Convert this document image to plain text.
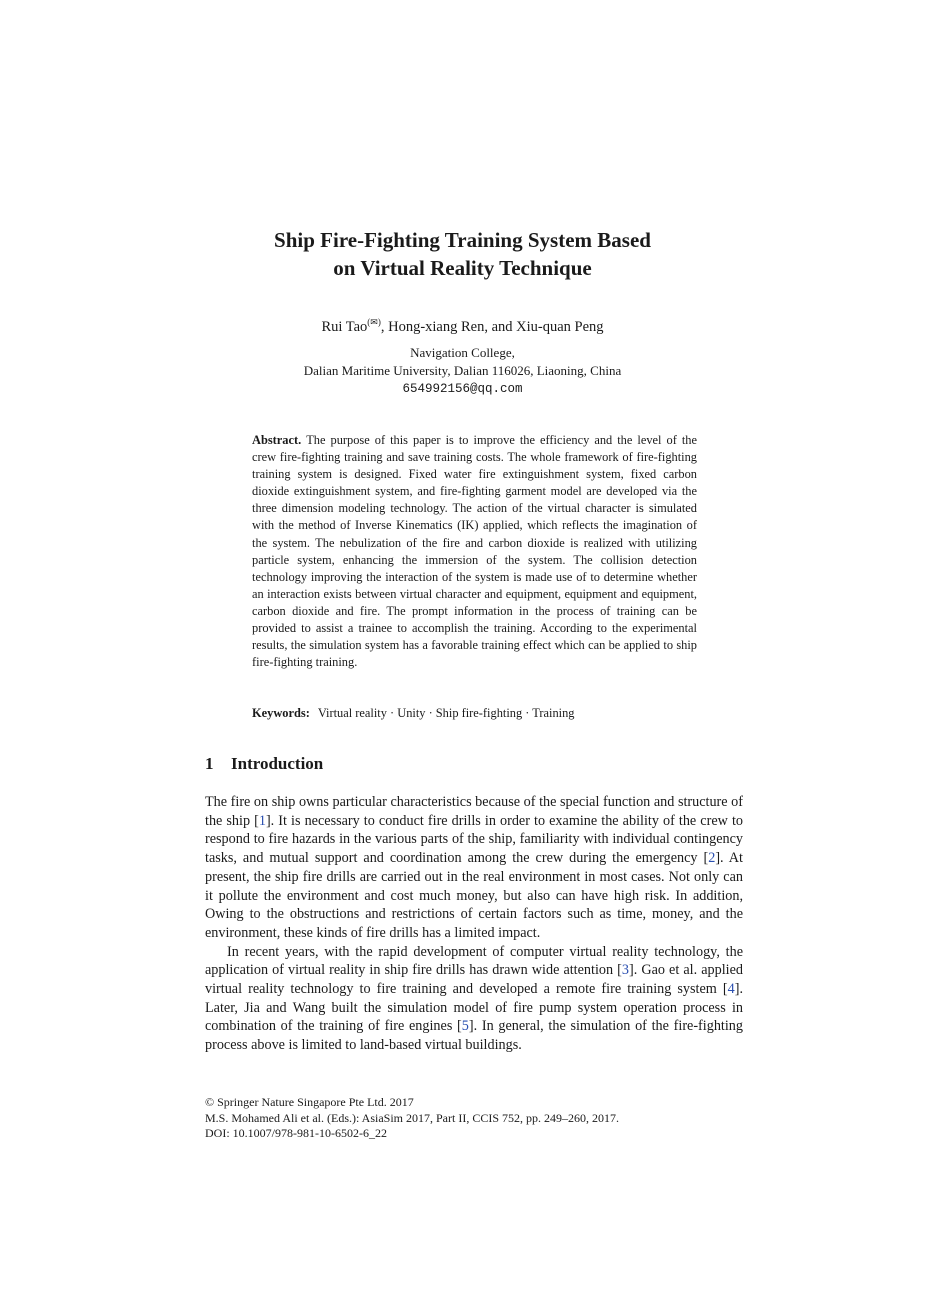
Ship Fire-Fighting Training System Based
on Virtual Reality Technique
Rui Tao(✉), Hong-xiang Ren, and Xiu-quan Peng
Navigation College,
Dalian Maritime University, Dalian 116026, Liaoning, China
654992156@qq.com
Abstract. The purpose of this paper is to improve the efficiency and the level of the crew fire-fighting training and save training costs. The whole framework of fire-fighting training system is designed. Fixed water fire extinguishment system, fixed carbon dioxide extinguishment system, and fire-fighting garment model are developed via the three dimension modeling technology. The action of the virtual character is simulated with the method of Inverse Kinematics (IK) applied, which reflects the imagination of the system. The nebulization of the fire and carbon dioxide is realized with utilizing particle system, enhancing the immersion of the system. The collision detection technology improving the interaction of the system is made use of to determine whether an interaction exists between virtual character and equipment, equipment and equipment, carbon dioxide and fire. The prompt information in the process of training can be provided to assist a trainee to accomplish the training. According to the experimental results, the simulation system has a favorable training effect which can be applied to ship fire-fighting training.
Keywords: Virtual reality · Unity · Ship fire-fighting · Training
1 Introduction

The fire on ship owns particular characteristics because of the special function and structure of the ship [1]. It is necessary to conduct fire drills in order to examine the ability of the crew to respond to fire hazards in the various parts of the ship, familiarity with individual contingency tasks, and mutual support and coordination among the crew during the emergency [2]. At present, the ship fire drills are carried out in the real environment in most cases. Not only can it pollute the environment and cost much money, but also can have high risk. In addition, Owing to the obstructions and restrictions of certain factors such as time, money, and the environment, these kinds of fire drills has a limited impact.

In recent years, with the rapid development of computer virtual reality technology, the application of virtual reality in ship fire drills has drawn wide attention [3]. Gao et al. applied virtual reality technology to fire training and developed a remote fire training system [4]. Later, Jia and Wang built the simulation model of fire pump system operation process in combination of the training of fire engines [5]. In general, the simulation of the fire-fighting process above is limited to land-based virtual buildings.

© Springer Nature Singapore Pte Ltd. 2017
M.S. Mohamed Ali et al. (Eds.): AsiaSim 2017, Part II, CCIS 752, pp. 249–260, 2017.
DOI: 10.1007/978-981-10-6502-6_22
